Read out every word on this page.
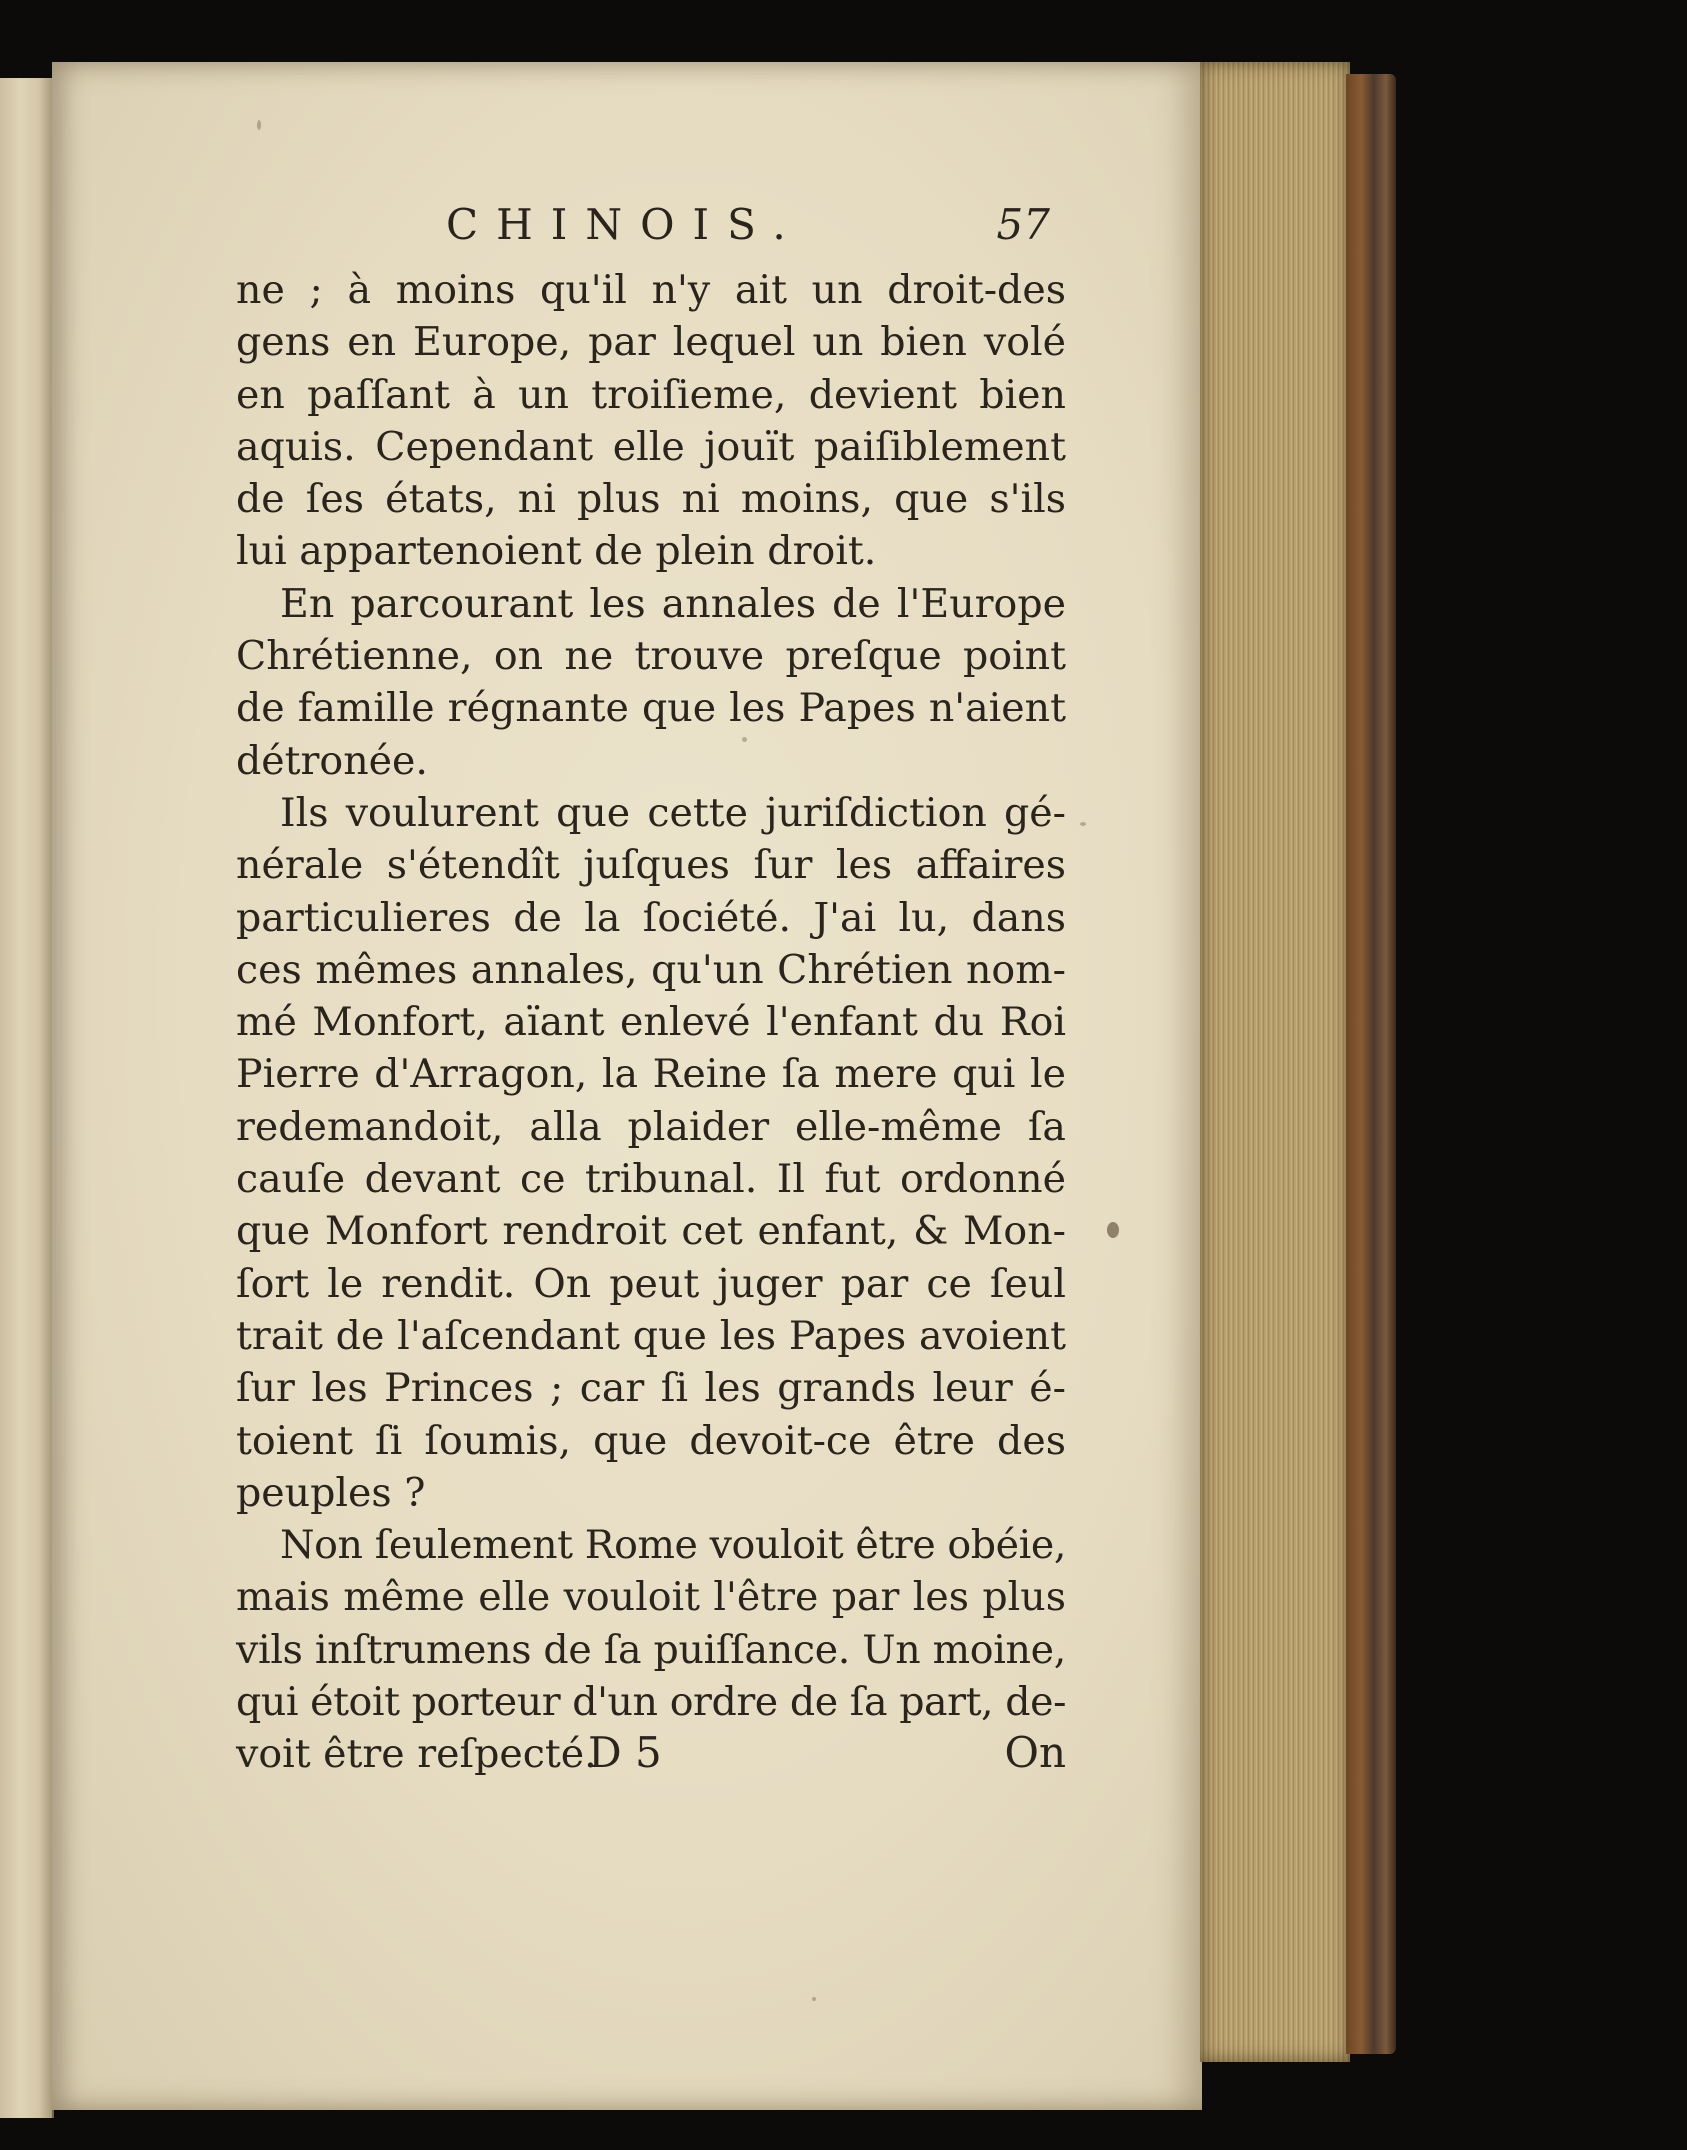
CHINOIS.	57

ne ; à moins qu'il n'y ait un droit-des
gens en Europe, par lequel un bien volé
en paſſant à un troiſieme, devient bien
aquis. Cependant elle jouït paiſiblement
de ſes états, ni plus ni moins, que s'ils
lui appartenoient de plein droit.

En parcourant les annales de l'Europe
Chrétienne, on ne trouve preſque point
de famille régnante que les Papes n'aient
détronée.

Ils voulurent que cette juriſdiction gé-
nérale s'étendît juſques ſur les affaires
particulieres de la ſociété. J'ai lu, dans
ces mêmes annales, qu'un Chrétien nom-
mé Monfort, aïant enlevé l'enfant du Roi
Pierre d'Arragon, la Reine ſa mere qui le
redemandoit, alla plaider elle-même ſa
cauſe devant ce tribunal. Il fut ordonné
que Monfort rendroit cet enfant, & Mon-
ſort le rendit. On peut juger par ce ſeul
trait de l'aſcendant que les Papes avoient
ſur les Princes ; car ſi les grands leur é-
toient ſi ſoumis, que devoit-ce être des
peuples ?

Non ſeulement Rome vouloit être obéie,
mais même elle vouloit l'être par les plus
vils inſtrumens de ſa puiſſance. Un moine,
qui étoit porteur d'un ordre de ſa part, de-
voit être reſpecté.

D 5	On
